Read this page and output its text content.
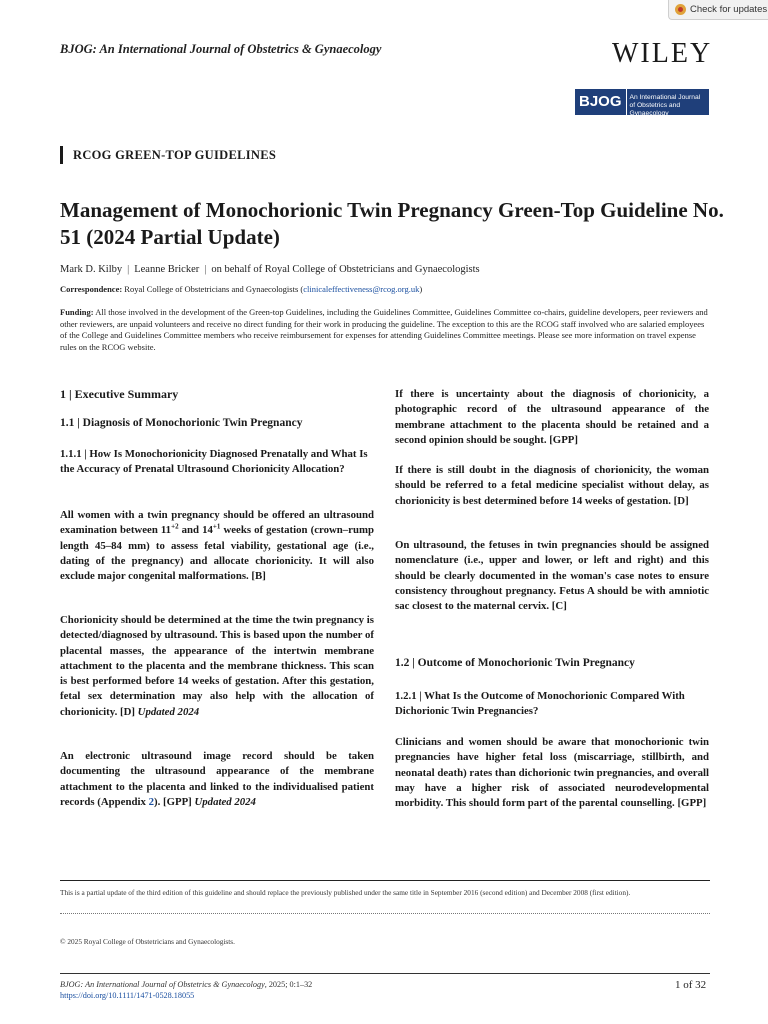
Check for updates
BJOG: An International Journal of Obstetrics & Gynaecology	WILEY
BJOG	An International Journal of Obstetrics and Gynaecology
RCOG GREEN-TOP GUIDELINES
Management of Monochorionic Twin Pregnancy Green-Top Guideline No. 51 (2024 Partial Update)
Mark D. Kilby | Leanne Bricker | on behalf of Royal College of Obstetricians and Gynaecologists
Correspondence: Royal College of Obstetricians and Gynaecologists (clinicaleffectiveness@rcog.org.uk)
Funding: All those involved in the development of the Green-top Guidelines, including the Guidelines Committee, Guidelines Committee co-chairs, guideline developers, peer reviewers and other reviewers, are unpaid volunteers and receive no direct funding for their work in producing the guideline. The exception to this are the RCOG staff involved who are salaried employees of the College and Guidelines Committee members who receive reimbursement for expenses for attending Guidelines Committee meetings. Please see more information on travel expense rules on the RCOG website.
1 | Executive Summary
1.1 | Diagnosis of Monochorionic Twin Pregnancy
1.1.1 | How Is Monochorionicity Diagnosed Prenatally and What Is the Accuracy of Prenatal Ultrasound Chorionicity Allocation?
All women with a twin pregnancy should be offered an ultrasound examination between $11^{+2}$ and $14^{+1}$ weeks of gestation (crown–rump length 45–84 mm) to assess fetal viability, gestational age (i.e., dating of the pregnancy) and allocate chorionicity. It will also exclude major congenital malformations. [B]
Chorionicity should be determined at the time the twin pregnancy is detected/diagnosed by ultrasound. This is based upon the number of placental masses, the appearance of the intertwin membrane attachment to the placenta and the membrane thickness. This scan is best performed before 14 weeks of gestation. After this gestation, fetal sex determination may also help with the allocation of chorionicity. [D] Updated 2024
An electronic ultrasound image record should be taken documenting the ultrasound appearance of the membrane attachment to the placenta and linked to the individualised patient records (Appendix 2). [GPP] Updated 2024
If there is uncertainty about the diagnosis of chorionicity, a photographic record of the ultrasound appearance of the membrane attachment to the placenta should be retained and a second opinion should be sought. [GPP]
If there is still doubt in the diagnosis of chorionicity, the woman should be referred to a fetal medicine specialist without delay, as chorionicity is best determined before 14 weeks of gestation. [D]
On ultrasound, the fetuses in twin pregnancies should be assigned nomenclature (i.e., upper and lower, or left and right) and this should be clearly documented in the woman's case notes to ensure consistency throughout pregnancy. Fetus A should be with amniotic sac closest to the maternal cervix. [C]
1.2 | Outcome of Monochorionic Twin Pregnancy
1.2.1 | What Is the Outcome of Monochorionic Compared With Dichorionic Twin Pregnancies?
Clinicians and women should be aware that monochorionic twin pregnancies have higher fetal loss (miscarriage, stillbirth, and neonatal death) rates than dichorionic twin pregnancies, and overall may have a higher risk of associated neurodevelopmental morbidity. This should form part of the parental counselling. [GPP]
This is a partial update of the third edition of this guideline and should replace the previously published under the same title in September 2016 (second edition) and December 2008 (first edition).
© 2025 Royal College of Obstetricians and Gynaecologists.
BJOG: An International Journal of Obstetrics & Gynaecology, 2025; 0:1–32
https://doi.org/10.1111/1471-0528.18055
1 of 32
